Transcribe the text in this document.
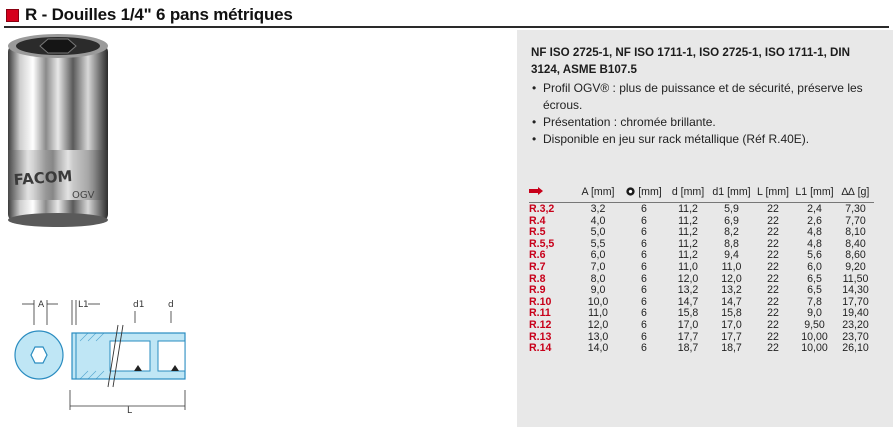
R - Douilles 1/4" 6 pans métriques
FACOM
OGV
A	L1	d1	d
L
NF ISO 2725-1, NF ISO 1711-1, ISO 2725-1, ISO 1711-1, DIN 3124, ASME B107.5
• Profil OGV® : plus de puissance et de sécurité, préserve les écrous.
• Présentation : chromée brillante.
• Disponible en jeu sur rack métallique (Réf R.40E).
	A [mm]	[mm]	d [mm]	d1 [mm]	L [mm]	L1 [mm]	∆∆ [g]
R.3,2	3,2	6	11,2	5,9	22	2,4	7,30
R.4	4,0	6	11,2	6,9	22	2,6	7,70
R.5	5,0	6	11,2	8,2	22	4,8	8,10
R.5,5	5,5	6	11,2	8,8	22	4,8	8,40
R.6	6,0	6	11,2	9,4	22	5,6	8,60
R.7	7,0	6	11,0	11,0	22	6,0	9,20
R.8	8,0	6	12,0	12,0	22	6,5	11,50
R.9	9,0	6	13,2	13,2	22	6,5	14,30
R.10	10,0	6	14,7	14,7	22	7,8	17,70
R.11	11,0	6	15,8	15,8	22	9,0	19,40
R.12	12,0	6	17,0	17,0	22	9,50	23,20
R.13	13,0	6	17,7	17,7	22	10,00	23,70
R.14	14,0	6	18,7	18,7	22	10,00	26,10
